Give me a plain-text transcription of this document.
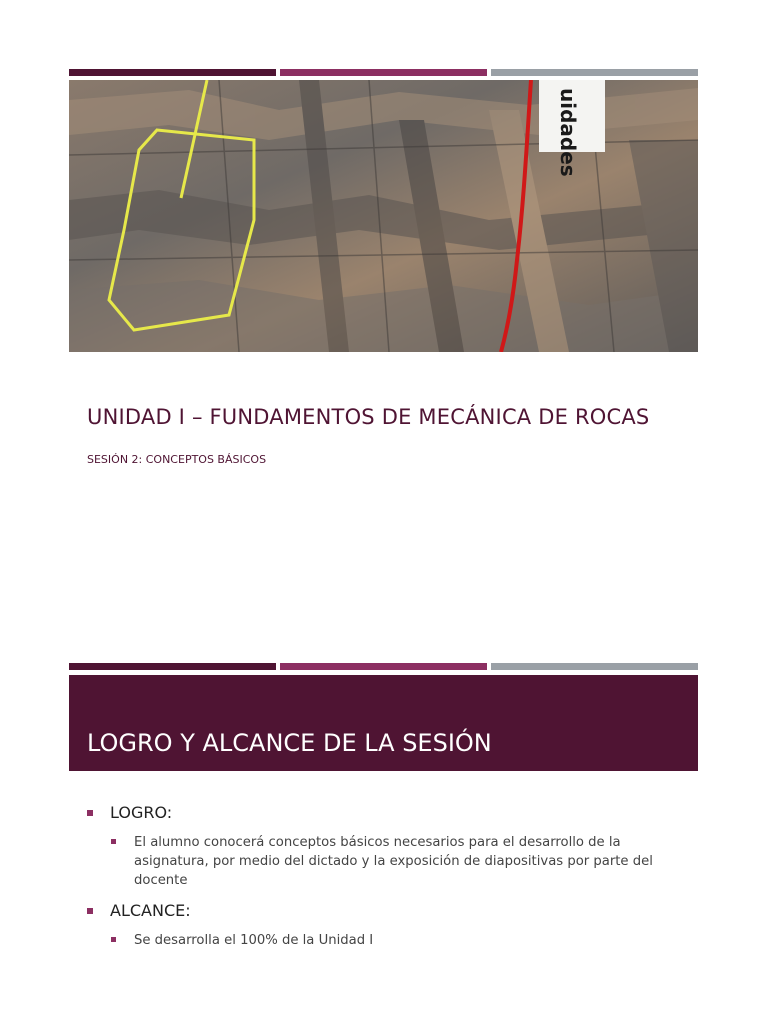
uidades
UNIDAD I – FUNDAMENTOS DE MECÁNICA DE ROCAS
SESIÓN 2: CONCEPTOS BÁSICOS
LOGRO Y ALCANCE DE LA SESIÓN
LOGRO:
El alumno conocerá conceptos básicos necesarios para el desarrollo de la asignatura, por medio del dictado y la exposición de diapositivas por parte del docente
ALCANCE:
Se desarrolla el 100% de la Unidad I
